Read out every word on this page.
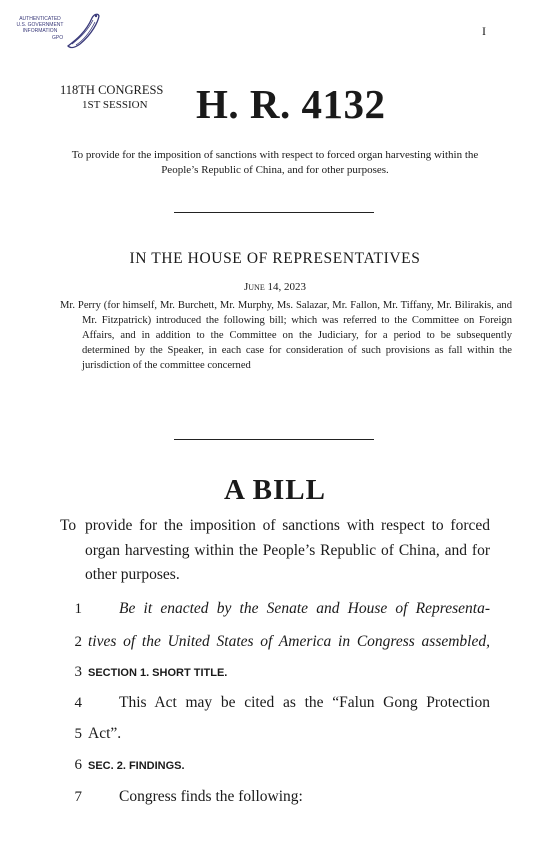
AUTHENTICATED
U.S. GOVERNMENT
INFORMATION
GPO	I
118TH CONGRESS
1ST SESSION	H. R. 4132
To provide for the imposition of sanctions with respect to forced organ harvesting within the People’s Republic of China, and for other purposes.
IN THE HOUSE OF REPRESENTATIVES
June 14, 2023
Mr. Perry (for himself, Mr. Burchett, Mr. Murphy, Ms. Salazar, Mr. Fallon, Mr. Tiffany, Mr. Bilirakis, and Mr. Fitzpatrick) introduced the following bill; which was referred to the Committee on Foreign Affairs, and in addition to the Committee on the Judiciary, for a period to be subsequently determined by the Speaker, in each case for consideration of such provisions as fall within the jurisdiction of the committee concerned
A BILL
To provide for the imposition of sanctions with respect to forced organ harvesting within the People’s Republic of China, and for other purposes.
1 Be it enacted by the Senate and House of Representa-
2 tives of the United States of America in Congress assembled,
3 SECTION 1. SHORT TITLE.
4 This Act may be cited as the “Falun Gong Protection
5 Act”.
6 SEC. 2. FINDINGS.
7 Congress finds the following:
